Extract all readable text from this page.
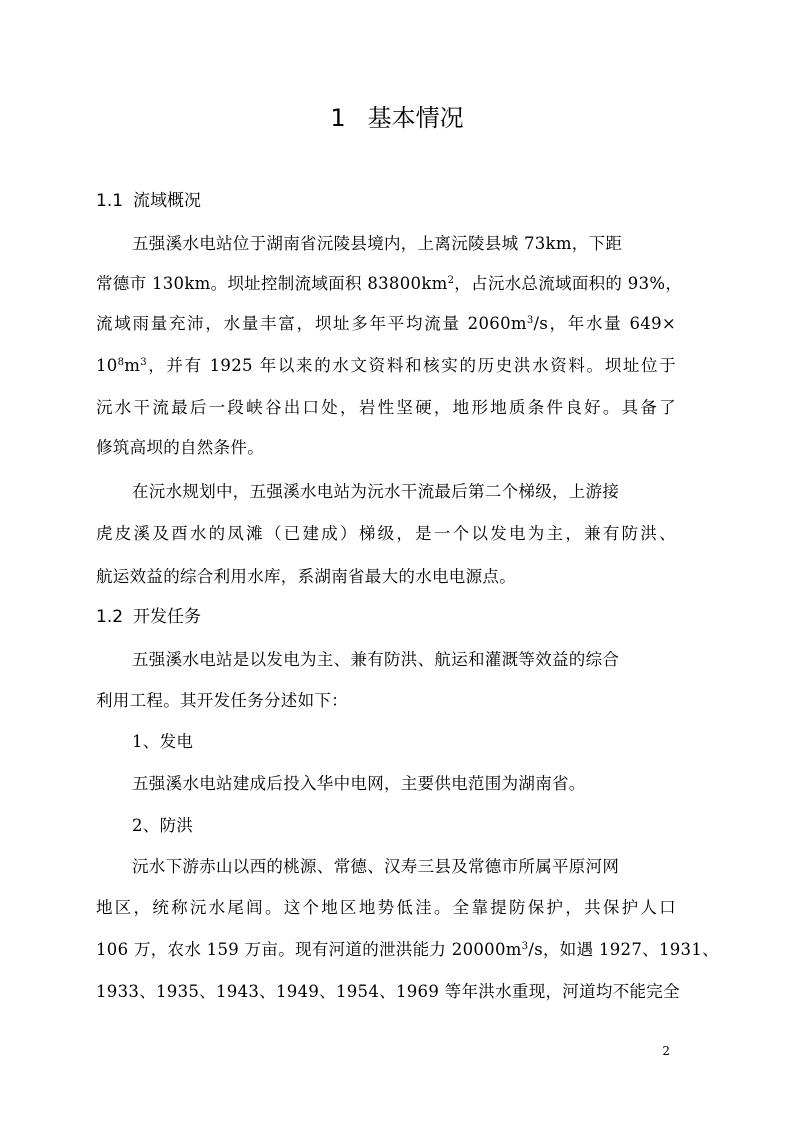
1 基本情况
1.1 流域概况
五强溪水电站位于湖南省沅陵县境内，上离沅陵县城 73km，下距
常德市 130km。坝址控制流域面积 $83800km^2$，占沅水总流域面积的 93%，
流域雨量充沛，水量丰富，坝址多年平均流量 $2060m^3/s$，年水量 649×
$10^8m^3$，并有 1925 年以来的水文资料和核实的历史洪水资料。坝址位于
沅水干流最后一段峡谷出口处，岩性坚硬，地形地质条件良好。具备了
修筑高坝的自然条件。
在沅水规划中，五强溪水电站为沅水干流最后第二个梯级，上游接
虎皮溪及酉水的凤滩（已建成）梯级，是一个以发电为主，兼有防洪、
航运效益的综合利用水库，系湖南省最大的水电电源点。
1.2 开发任务
五强溪水电站是以发电为主、兼有防洪、航运和灌溉等效益的综合
利用工程。其开发任务分述如下：
1、发电
五强溪水电站建成后投入华中电网，主要供电范围为湖南省。
2、防洪
沅水下游赤山以西的桃源、常德、汉寿三县及常德市所属平原河网
地区，统称沅水尾闾。这个地区地势低洼。全靠提防保护，共保护人口
106 万，农水 159 万亩。现有河道的泄洪能力 $20000m^3/s$，如遇 1927、1931、
1933、1935、1943、1949、1954、1969 等年洪水重现，河道均不能完全
2
